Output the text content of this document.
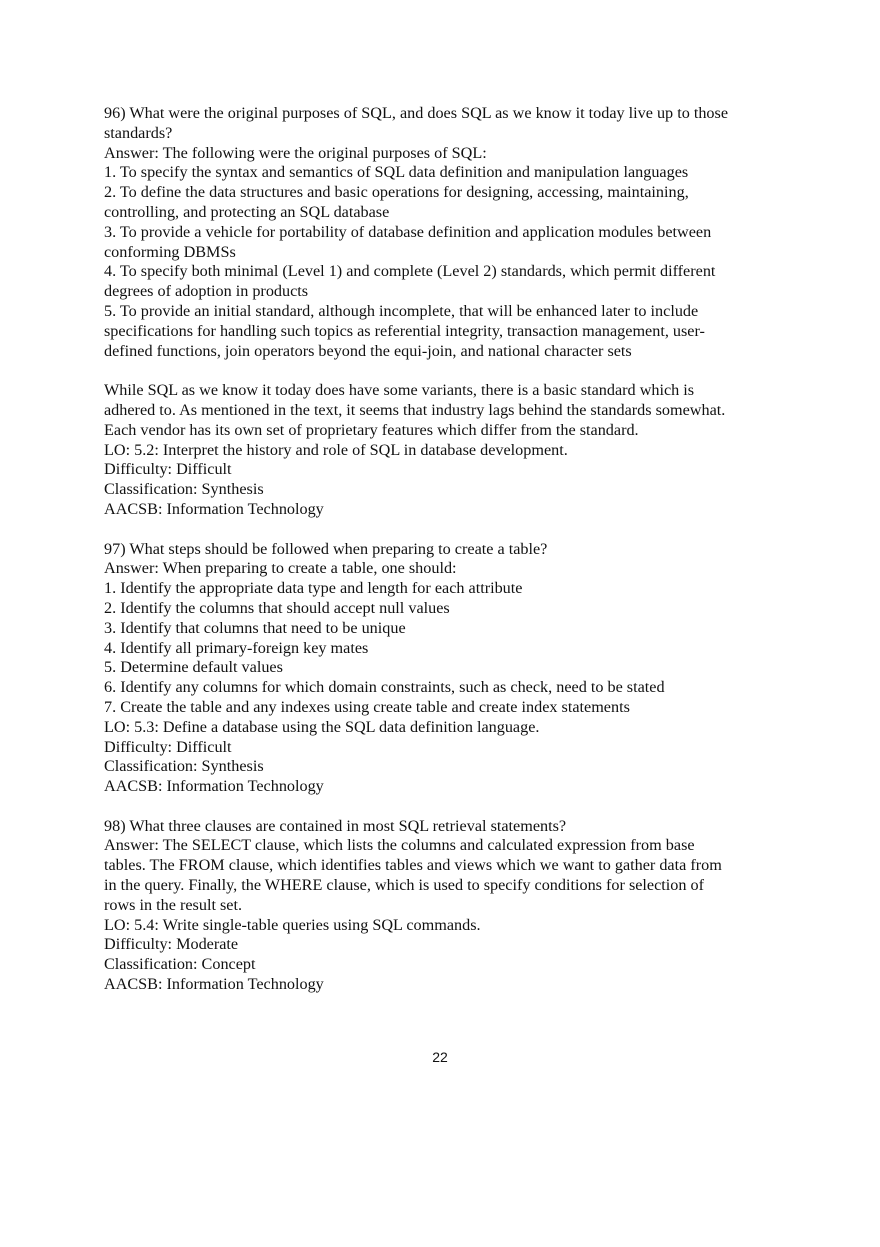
96) What were the original purposes of SQL, and does SQL as we know it today live up to those
standards?
Answer: The following were the original purposes of SQL:
1. To specify the syntax and semantics of SQL data definition and manipulation languages
2. To define the data structures and basic operations for designing, accessing, maintaining,
controlling, and protecting an SQL database
3. To provide a vehicle for portability of database definition and application modules between
conforming DBMSs
4. To specify both minimal (Level 1) and complete (Level 2) standards, which permit different
degrees of adoption in products
5. To provide an initial standard, although incomplete, that will be enhanced later to include
specifications for handling such topics as referential integrity, transaction management, user-
defined functions, join operators beyond the equi-join, and national character sets
While SQL as we know it today does have some variants, there is a basic standard which is
adhered to. As mentioned in the text, it seems that industry lags behind the standards somewhat.
Each vendor has its own set of proprietary features which differ from the standard.
LO: 5.2: Interpret the history and role of SQL in database development.
Difficulty: Difficult
Classification: Synthesis
AACSB: Information Technology
97) What steps should be followed when preparing to create a table?
Answer: When preparing to create a table, one should:
1. Identify the appropriate data type and length for each attribute
2. Identify the columns that should accept null values
3. Identify that columns that need to be unique
4. Identify all primary-foreign key mates
5. Determine default values
6. Identify any columns for which domain constraints, such as check, need to be stated
7. Create the table and any indexes using create table and create index statements
LO: 5.3: Define a database using the SQL data definition language.
Difficulty: Difficult
Classification: Synthesis
AACSB: Information Technology
98) What three clauses are contained in most SQL retrieval statements?
Answer: The SELECT clause, which lists the columns and calculated expression from base
tables. The FROM clause, which identifies tables and views which we want to gather data from
in the query. Finally, the WHERE clause, which is used to specify conditions for selection of
rows in the result set.
LO: 5.4: Write single-table queries using SQL commands.
Difficulty: Moderate
Classification: Concept
AACSB: Information Technology
22
